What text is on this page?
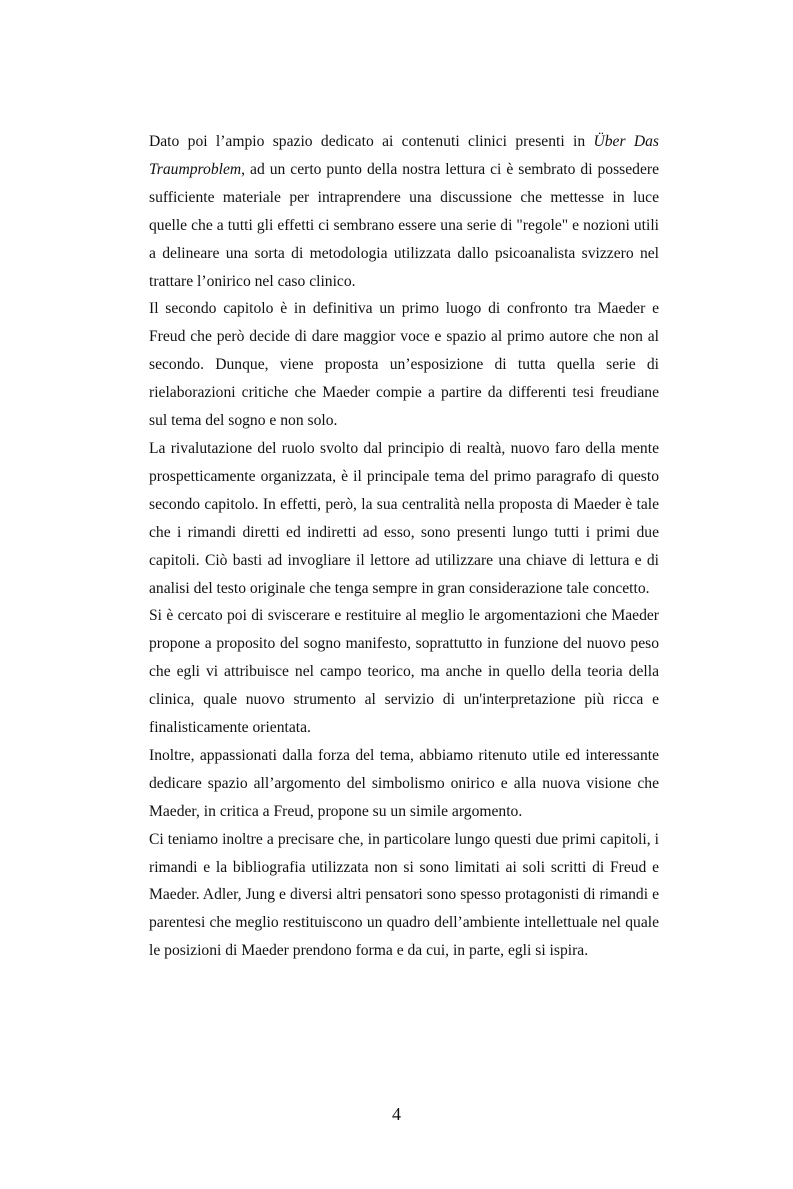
Dato poi l’ampio spazio dedicato ai contenuti clinici presenti in Über Das Traumproblem, ad un certo punto della nostra lettura ci è sembrato di possedere sufficiente materiale per intraprendere una discussione che mettesse in luce quelle che a tutti gli effetti ci sembrano essere una serie di "regole" e nozioni utili a delineare una sorta di metodologia utilizzata dallo psicoanalista svizzero nel trattare l’onirico nel caso clinico.

Il secondo capitolo è in definitiva un primo luogo di confronto tra Maeder e Freud che però decide di dare maggior voce e spazio al primo autore che non al secondo. Dunque, viene proposta un’esposizione di tutta quella serie di rielaborazioni critiche che Maeder compie a partire da differenti tesi freudiane sul tema del sogno e non solo.

La rivalutazione del ruolo svolto dal principio di realtà, nuovo faro della mente prospetticamente organizzata, è il principale tema del primo paragrafo di questo secondo capitolo. In effetti, però, la sua centralità nella proposta di Maeder è tale che i rimandi diretti ed indiretti ad esso, sono presenti lungo tutti i primi due capitoli. Ciò basti ad invogliare il lettore ad utilizzare una chiave di lettura e di analisi del testo originale che tenga sempre in gran considerazione tale concetto.

Si è cercato poi di sviscerare e restituire al meglio le argomentazioni che Maeder propone a proposito del sogno manifesto, soprattutto in funzione del nuovo peso che egli vi attribuisce nel campo teorico, ma anche in quello della teoria della clinica, quale nuovo strumento al servizio di un'interpretazione più ricca e finalisticamente orientata.

Inoltre, appassionati dalla forza del tema, abbiamo ritenuto utile ed interessante dedicare spazio all’argomento del simbolismo onirico e alla nuova visione che Maeder, in critica a Freud, propone su un simile argomento.

Ci teniamo inoltre a precisare che, in particolare lungo questi due primi capitoli, i rimandi e la bibliografia utilizzata non si sono limitati ai soli scritti di Freud e Maeder. Adler, Jung e diversi altri pensatori sono spesso protagonisti di rimandi e parentesi che meglio restituiscono un quadro dell’ambiente intellettuale nel quale le posizioni di Maeder prendono forma e da cui, in parte, egli si ispira.

4
